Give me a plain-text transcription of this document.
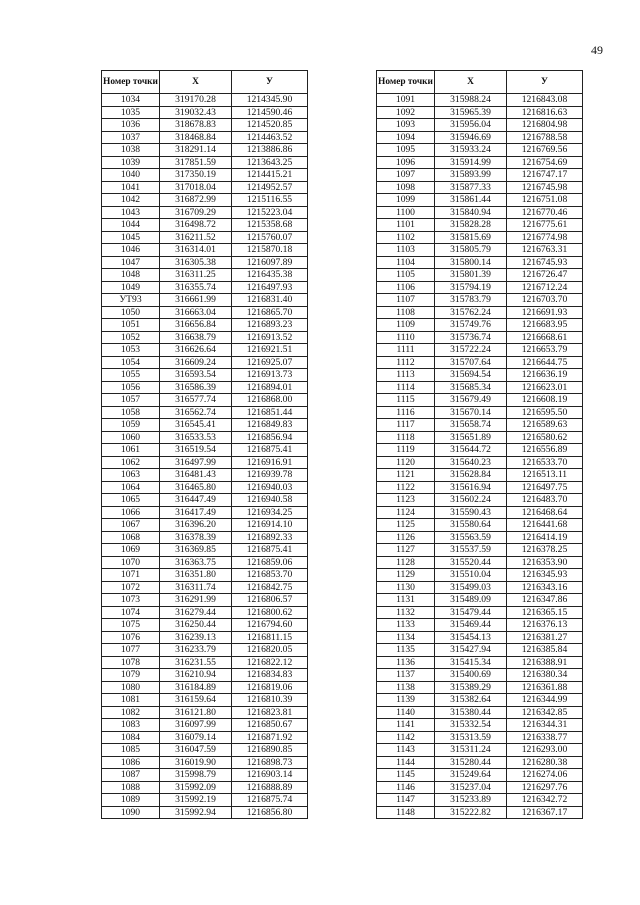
49
Номер точки	X	У
1034	319170.28	1214345.90
1035	319032.43	1214590.46
1036	318678.83	1214520.85
1037	318468.84	1214463.52
1038	318291.14	1213886.86
1039	317851.59	1213643.25
1040	317350.19	1214415.21
1041	317018.04	1214952.57
1042	316872.99	1215116.55
1043	316709.29	1215223.04
1044	316498.72	1215358.68
1045	316211.52	1215760.07
1046	316314.01	1215870.18
1047	316305.38	1216097.89
1048	316311.25	1216435.38
1049	316355.74	1216497.93
УТ93	316661.99	1216831.40
1050	316663.04	1216865.70
1051	316656.84	1216893.23
1052	316638.79	1216913.52
1053	316626.64	1216921.51
1054	316609.24	1216925.07
1055	316593.54	1216913.73
1056	316586.39	1216894.01
1057	316577.74	1216868.00
1058	316562.74	1216851.44
1059	316545.41	1216849.83
1060	316533.53	1216856.94
1061	316519.54	1216875.41
1062	316497.99	1216916.91
1063	316481.43	1216939.78
1064	316465.80	1216940.03
1065	316447.49	1216940.58
1066	316417.49	1216934.25
1067	316396.20	1216914.10
1068	316378.39	1216892.33
1069	316369.85	1216875.41
1070	316363.75	1216859.06
1071	316351.80	1216853.70
1072	316311.74	1216842.75
1073	316291.99	1216806.57
1074	316279.44	1216800.62
1075	316250.44	1216794.60
1076	316239.13	1216811.15
1077	316233.79	1216820.05
1078	316231.55	1216822.12
1079	316210.94	1216834.83
1080	316184.89	1216819.06
1081	316159.64	1216810.39
1082	316121.80	1216823.81
1083	316097.99	1216850.67
1084	316079.14	1216871.92
1085	316047.59	1216890.85
1086	316019.90	1216898.73
1087	315998.79	1216903.14
1088	315992.09	1216888.89
1089	315992.19	1216875.74
1090	315992.94	1216856.80
Номер точки	X	У
1091	315988.24	1216843.08
1092	315965.39	1216816.63
1093	315956.04	1216804.98
1094	315946.69	1216788.58
1095	315933.24	1216769.56
1096	315914.99	1216754.69
1097	315893.99	1216747.17
1098	315877.33	1216745.98
1099	315861.44	1216751.08
1100	315840.94	1216770.46
1101	315828.28	1216775.61
1102	315815.69	1216774.98
1103	315805.79	1216763.31
1104	315800.14	1216745.93
1105	315801.39	1216726.47
1106	315794.19	1216712.24
1107	315783.79	1216703.70
1108	315762.24	1216691.93
1109	315749.76	1216683.95
1110	315736.74	1216668.61
1111	315722.24	1216653.79
1112	315707.64	1216644.75
1113	315694.54	1216636.19
1114	315685.34	1216623.01
1115	315679.49	1216608.19
1116	315670.14	1216595.50
1117	315658.74	1216589.63
1118	315651.89	1216580.62
1119	315644.72	1216556.89
1120	315640.23	1216533.70
1121	315628.84	1216513.11
1122	315616.94	1216497.75
1123	315602.24	1216483.70
1124	315590.43	1216468.64
1125	315580.64	1216441.68
1126	315563.59	1216414.19
1127	315537.59	1216378.25
1128	315520.44	1216353.90
1129	315510.04	1216345.93
1130	315499.03	1216343.16
1131	315489.09	1216347.86
1132	315479.44	1216365.15
1133	315469.44	1216376.13
1134	315454.13	1216381.27
1135	315427.94	1216385.84
1136	315415.34	1216388.91
1137	315400.69	1216380.34
1138	315389.29	1216361.88
1139	315382.64	1216344.99
1140	315380.44	1216342.85
1141	315332.54	1216344.31
1142	315313.59	1216338.77
1143	315311.24	1216293.00
1144	315280.44	1216280.38
1145	315249.64	1216274.06
1146	315237.04	1216297.76
1147	315233.89	1216342.72
1148	315222.82	1216367.17
